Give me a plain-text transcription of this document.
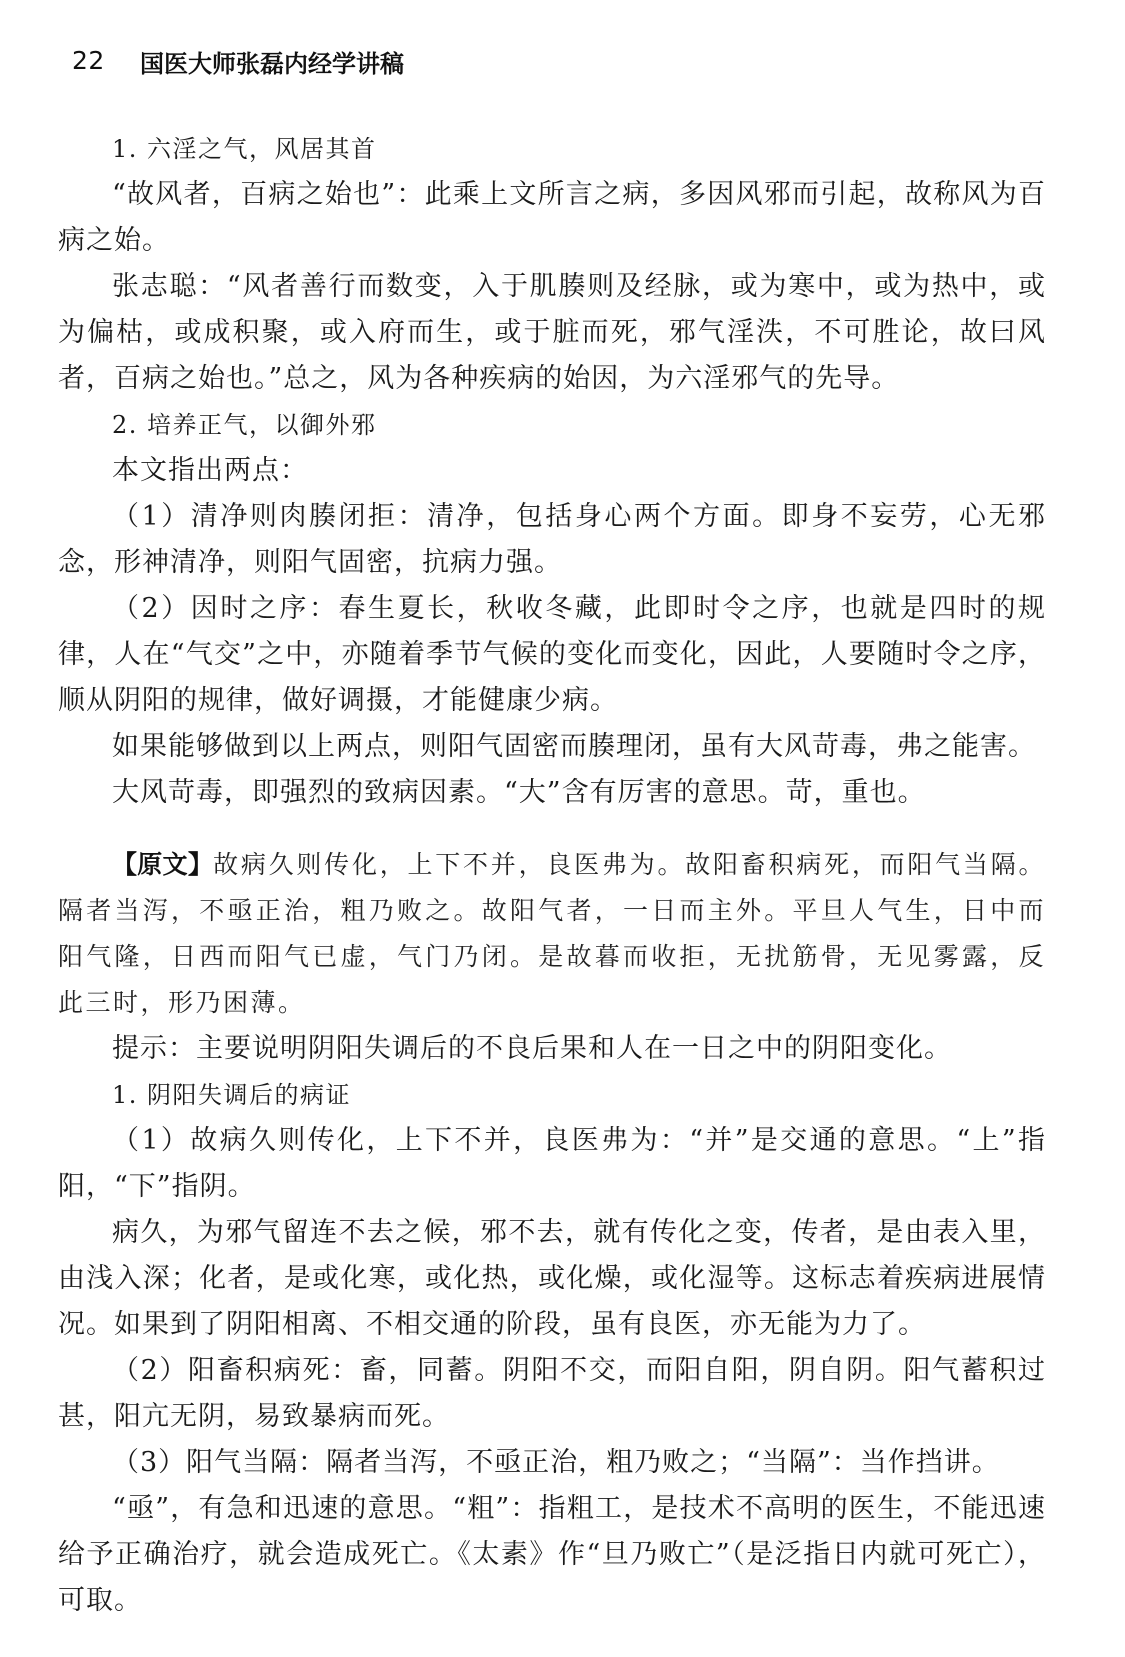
22 国医大师张磊内经学讲稿

1. 六淫之气，风居其首

“故风者，百病之始也”：此乘上文所言之病，多因风邪而引起，故称风为百病之始。

张志聪：“风者善行而数变，入于肌腠则及经脉，或为寒中，或为热中，或为偏枯，或成积聚，或入府而生，或于脏而死，邪气淫泆，不可胜论，故曰风者，百病之始也。”总之，风为各种疾病的始因，为六淫邪气的先导。

2. 培养正气，以御外邪

本文指出两点：

（1）清净则肉腠闭拒：清净，包括身心两个方面。即身不妄劳，心无邪念，形神清净，则阳气固密，抗病力强。

（2）因时之序：春生夏长，秋收冬藏，此即时令之序，也就是四时的规律，人在“气交”之中，亦随着季节气候的变化而变化，因此，人要随时令之序，顺从阴阳的规律，做好调摄，才能健康少病。

如果能够做到以上两点，则阳气固密而腠理闭，虽有大风苛毒，弗之能害。

大风苛毒，即强烈的致病因素。“大”含有厉害的意思。苛，重也。

【原文】故病久则传化，上下不并，良医弗为。故阳畜积病死，而阳气当隔。隔者当泻，不亟正治，粗乃败之。故阳气者，一日而主外。平旦人气生，日中而阳气隆，日西而阳气已虚，气门乃闭。是故暮而收拒，无扰筋骨，无见雾露，反此三时，形乃困薄。

提示：主要说明阴阳失调后的不良后果和人在一日之中的阴阳变化。

1. 阴阳失调后的病证

（1）故病久则传化，上下不并，良医弗为：“并”是交通的意思。“上”指阳，“下”指阴。

病久，为邪气留连不去之候，邪不去，就有传化之变，传者，是由表入里，由浅入深；化者，是或化寒，或化热，或化燥，或化湿等。这标志着疾病进展情况。如果到了阴阳相离、不相交通的阶段，虽有良医，亦无能为力了。

（2）阳畜积病死：畜，同蓄。阴阳不交，而阳自阳，阴自阴。阳气蓄积过甚，阳亢无阴，易致暴病而死。

（3）阳气当隔：隔者当泻，不亟正治，粗乃败之；“当隔”：当作挡讲。

“亟”，有急和迅速的意思。“粗”：指粗工，是技术不高明的医生，不能迅速给予正确治疗，就会造成死亡。《太素》作“旦乃败亡”（是泛指日内就可死亡），可取。
